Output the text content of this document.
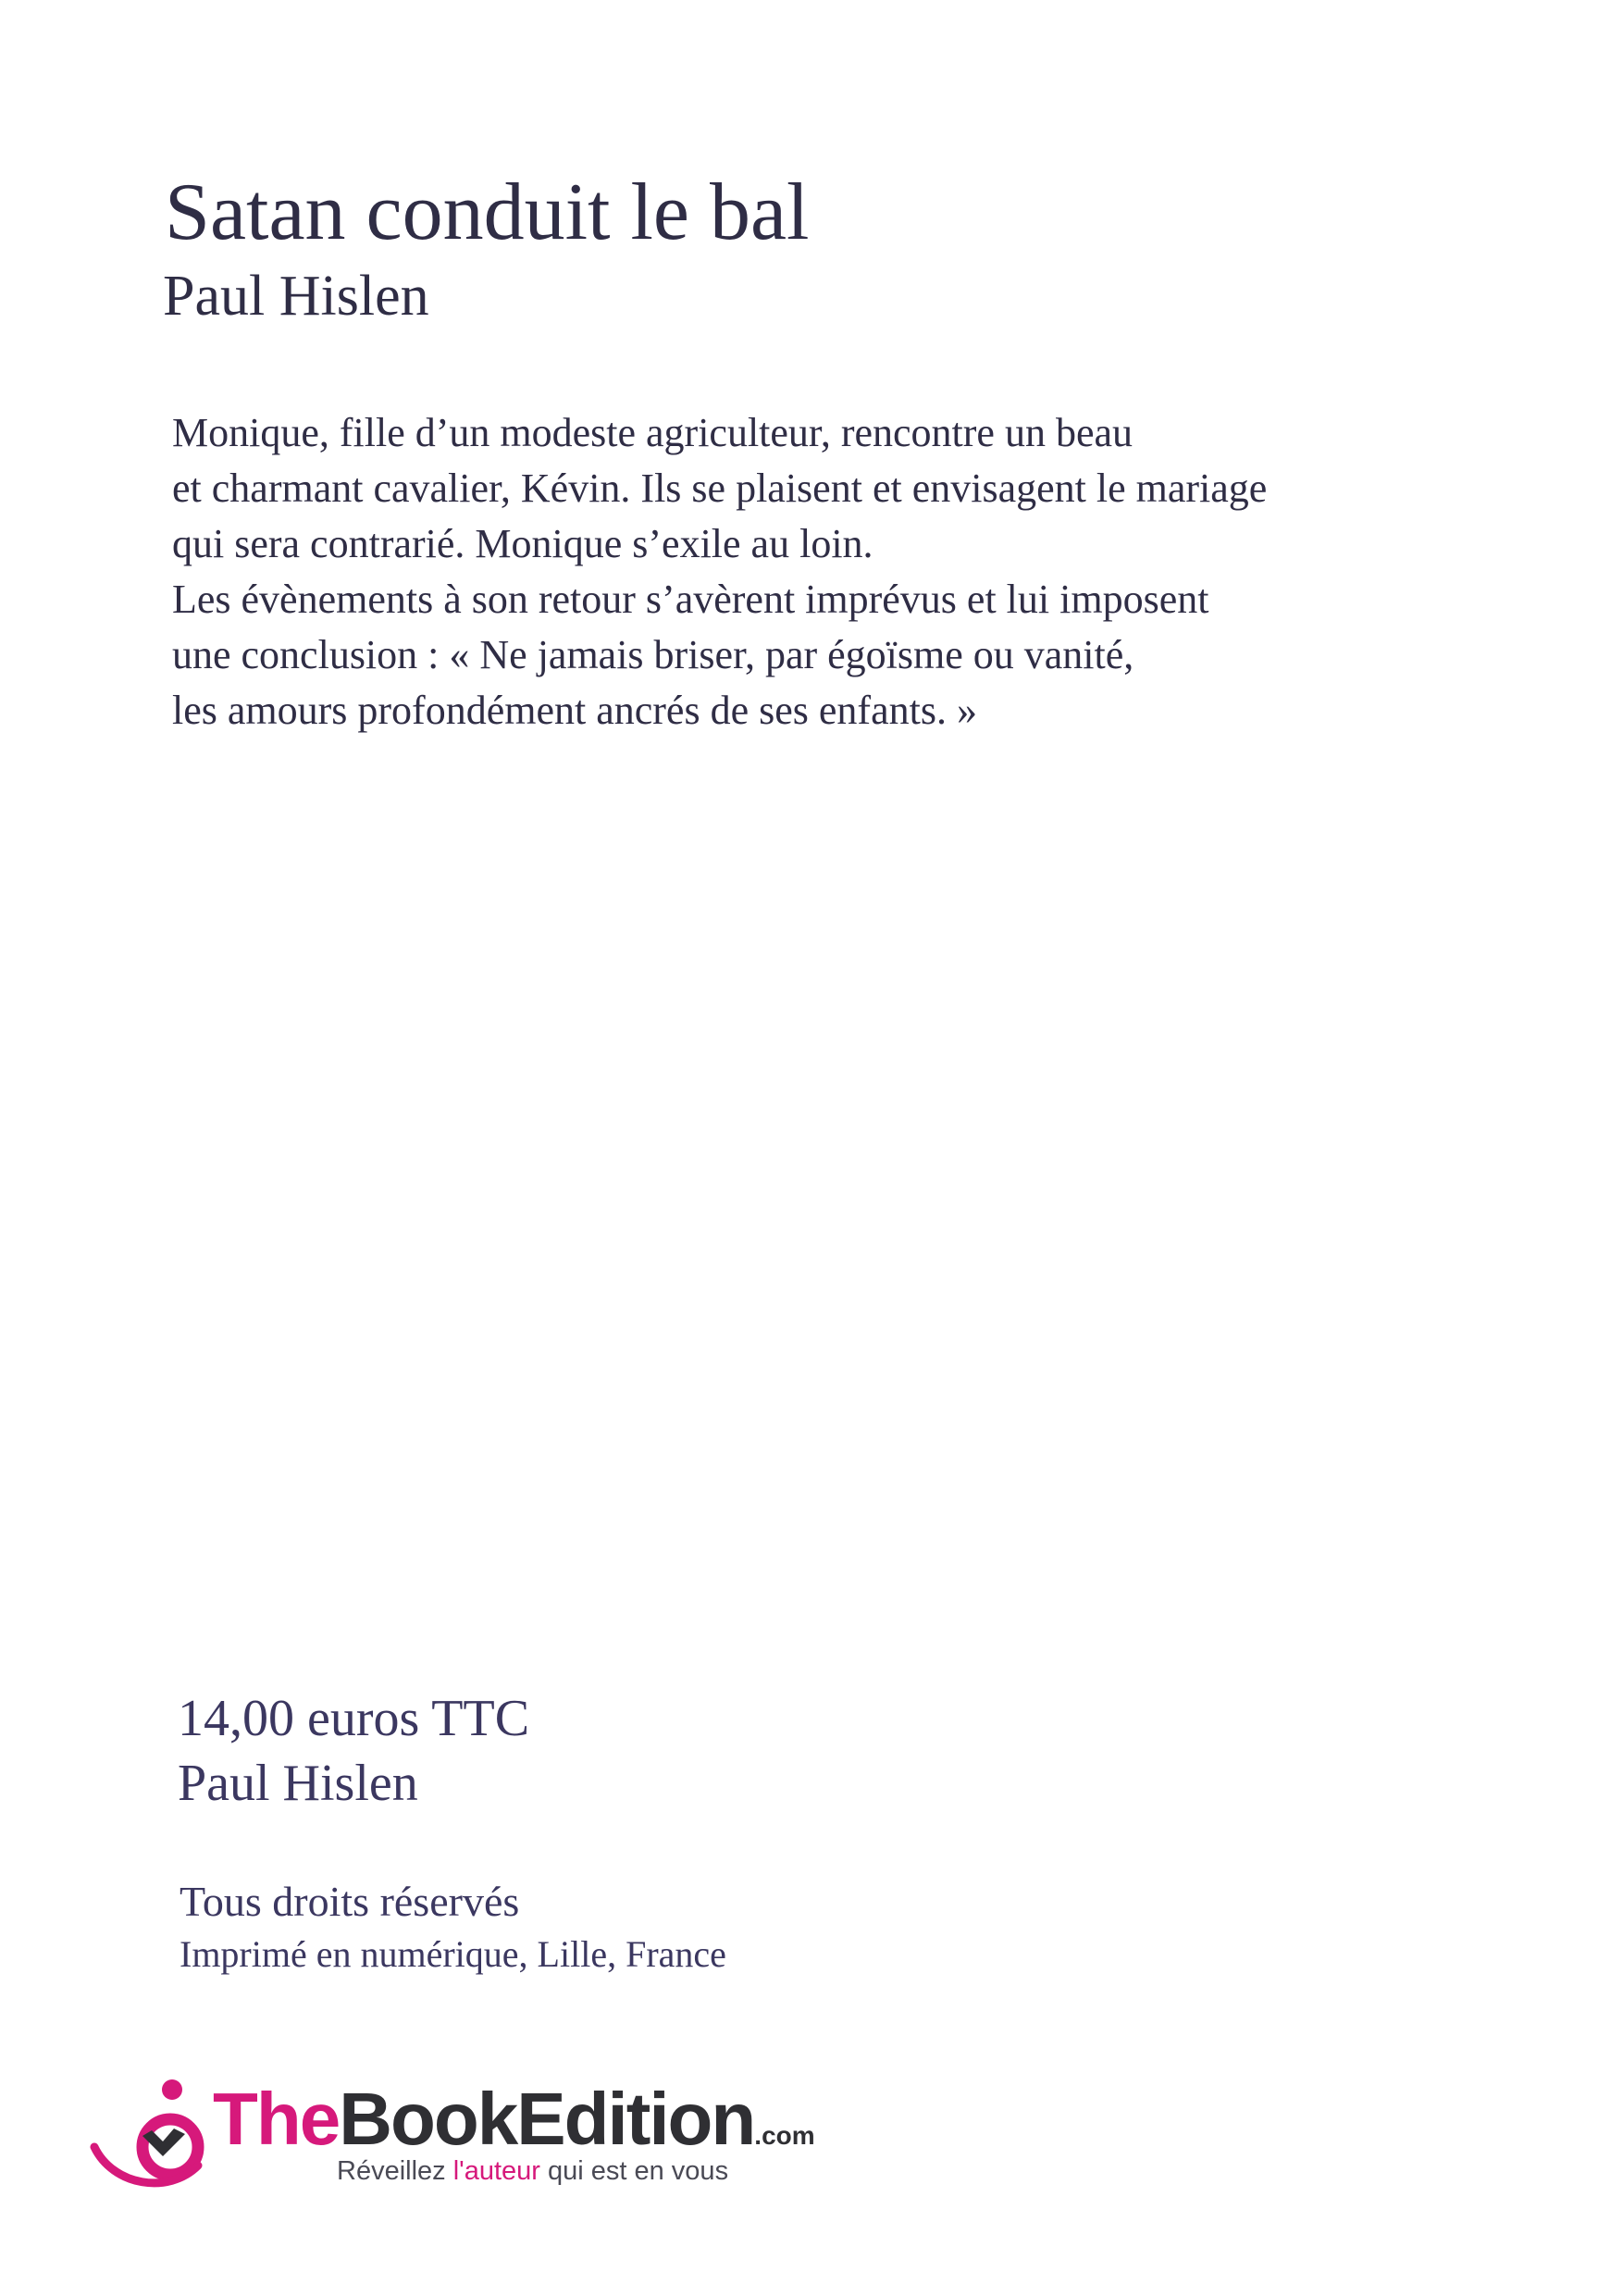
Satan conduit le bal
Paul Hislen
Monique, fille d’un modeste agriculteur, rencontre un beau
et charmant cavalier, Kévin. Ils se plaisent et envisagent le mariage
qui sera contrarié. Monique s’exile au loin.
Les évènements à son retour s’avèrent imprévus et lui imposent
une conclusion : « Ne jamais briser, par égoïsme ou vanité,
les amours profondément ancrés de ses enfants. »
14,00 euros TTC
Paul Hislen
Tous droits réservés
Imprimé en numérique, Lille, France
TheBookEdition.com
Réveillez l'auteur qui est en vous
